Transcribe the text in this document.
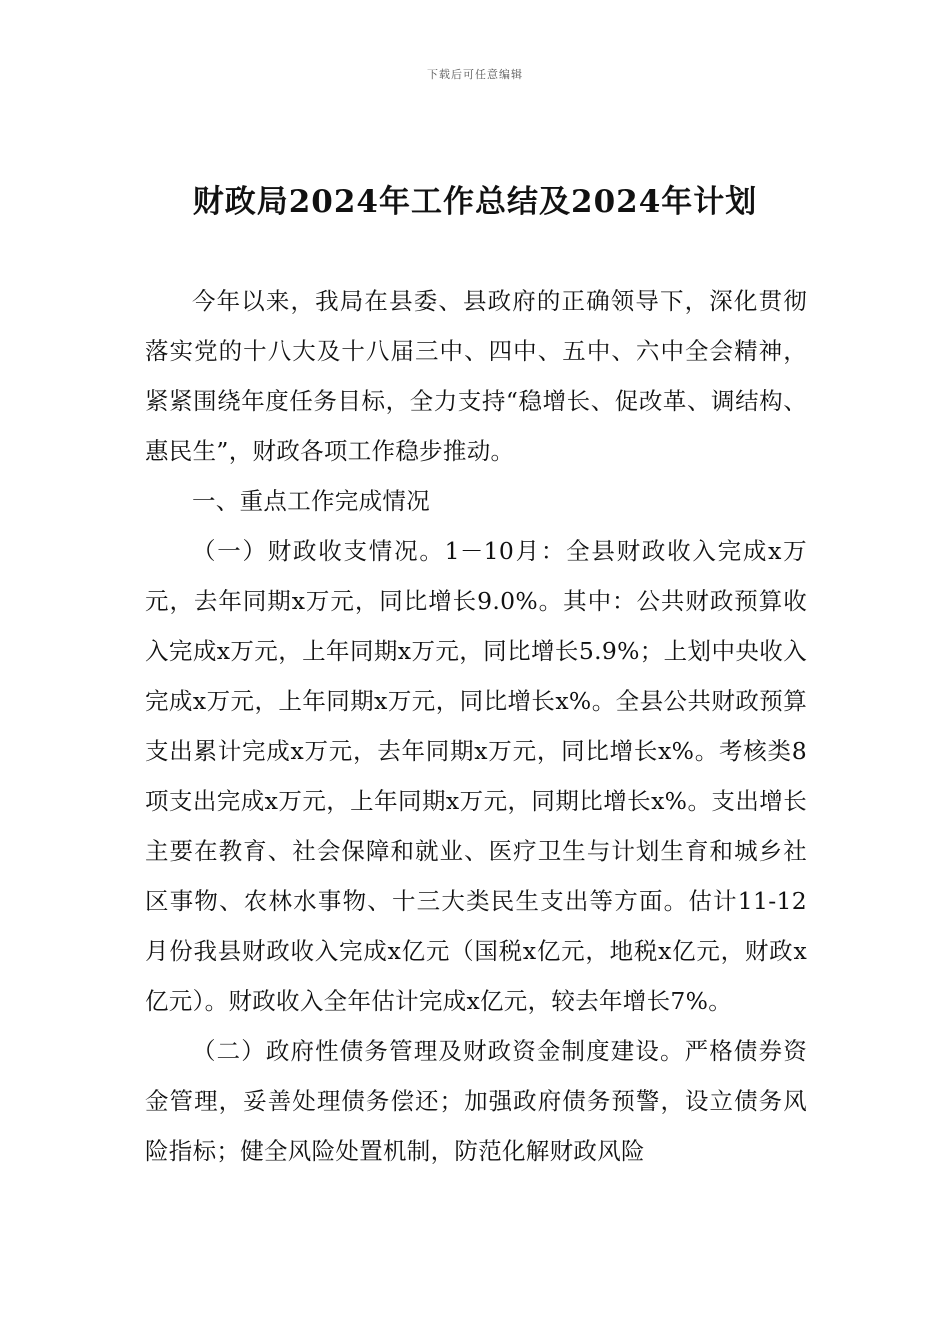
下载后可任意编辑
财政局2024年工作总结及2024年计划

今年以来，我局在县委、县政府的正确领导下，深化贯彻落实党的十八大及十八届三中、四中、五中、六中全会精神，紧紧围绕年度任务目标，全力支持“稳增长、促改革、调结构、惠民生”，财政各项工作稳步推动。

一、重点工作完成情况

（一）财政收支情况。1－10月：全县财政收入完成x万元，去年同期x万元，同比增长9.0%。其中：公共财政预算收入完成x万元，上年同期x万元，同比增长5.9%；上划中央收入完成x万元，上年同期x万元，同比增长x%。全县公共财政预算支出累计完成x万元，去年同期x万元，同比增长x%。考核类8项支出完成x万元，上年同期x万元，同期比增长x%。支出增长主要在教育、社会保障和就业、医疗卫生与计划生育和城乡社区事物、农林水事物、十三大类民生支出等方面。估计11-12月份我县财政收入完成x亿元（国税x亿元，地税x亿元，财政x亿元）。财政收入全年估计完成x亿元，较去年增长7%。

（二）政府性债务管理及财政资金制度建设。严格债券资金管理，妥善处理债务偿还；加强政府债务预警，设立债务风险指标；健全风险处置机制，防范化解财政风险
